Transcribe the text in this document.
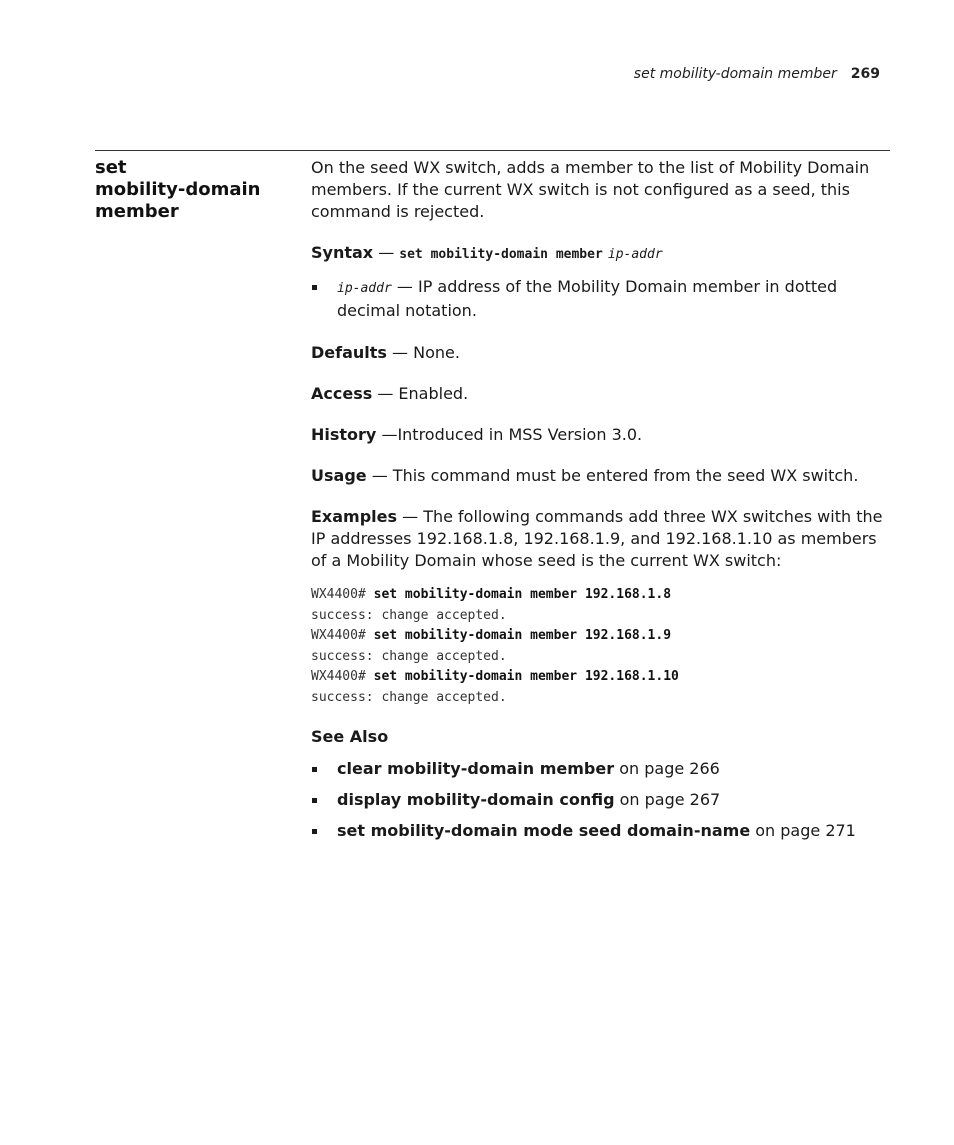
set mobility-domain member 269
set
mobility-domain
member

On the seed WX switch, adds a member to the list of Mobility Domain members. If the current WX switch is not configured as a seed, this command is rejected.

Syntax — set mobility-domain member ip-addr

ip-addr — IP address of the Mobility Domain member in dotted decimal notation.

Defaults — None.

Access — Enabled.

History —Introduced in MSS Version 3.0.

Usage — This command must be entered from the seed WX switch.

Examples — The following commands add three WX switches with the IP addresses 192.168.1.8, 192.168.1.9, and 192.168.1.10 as members of a Mobility Domain whose seed is the current WX switch:

WX4400# set mobility-domain member 192.168.1.8
success: change accepted.
WX4400# set mobility-domain member 192.168.1.9
success: change accepted.
WX4400# set mobility-domain member 192.168.1.10
success: change accepted.

See Also

clear mobility-domain member on page 266
display mobility-domain config on page 267
set mobility-domain mode seed domain-name on page 271
